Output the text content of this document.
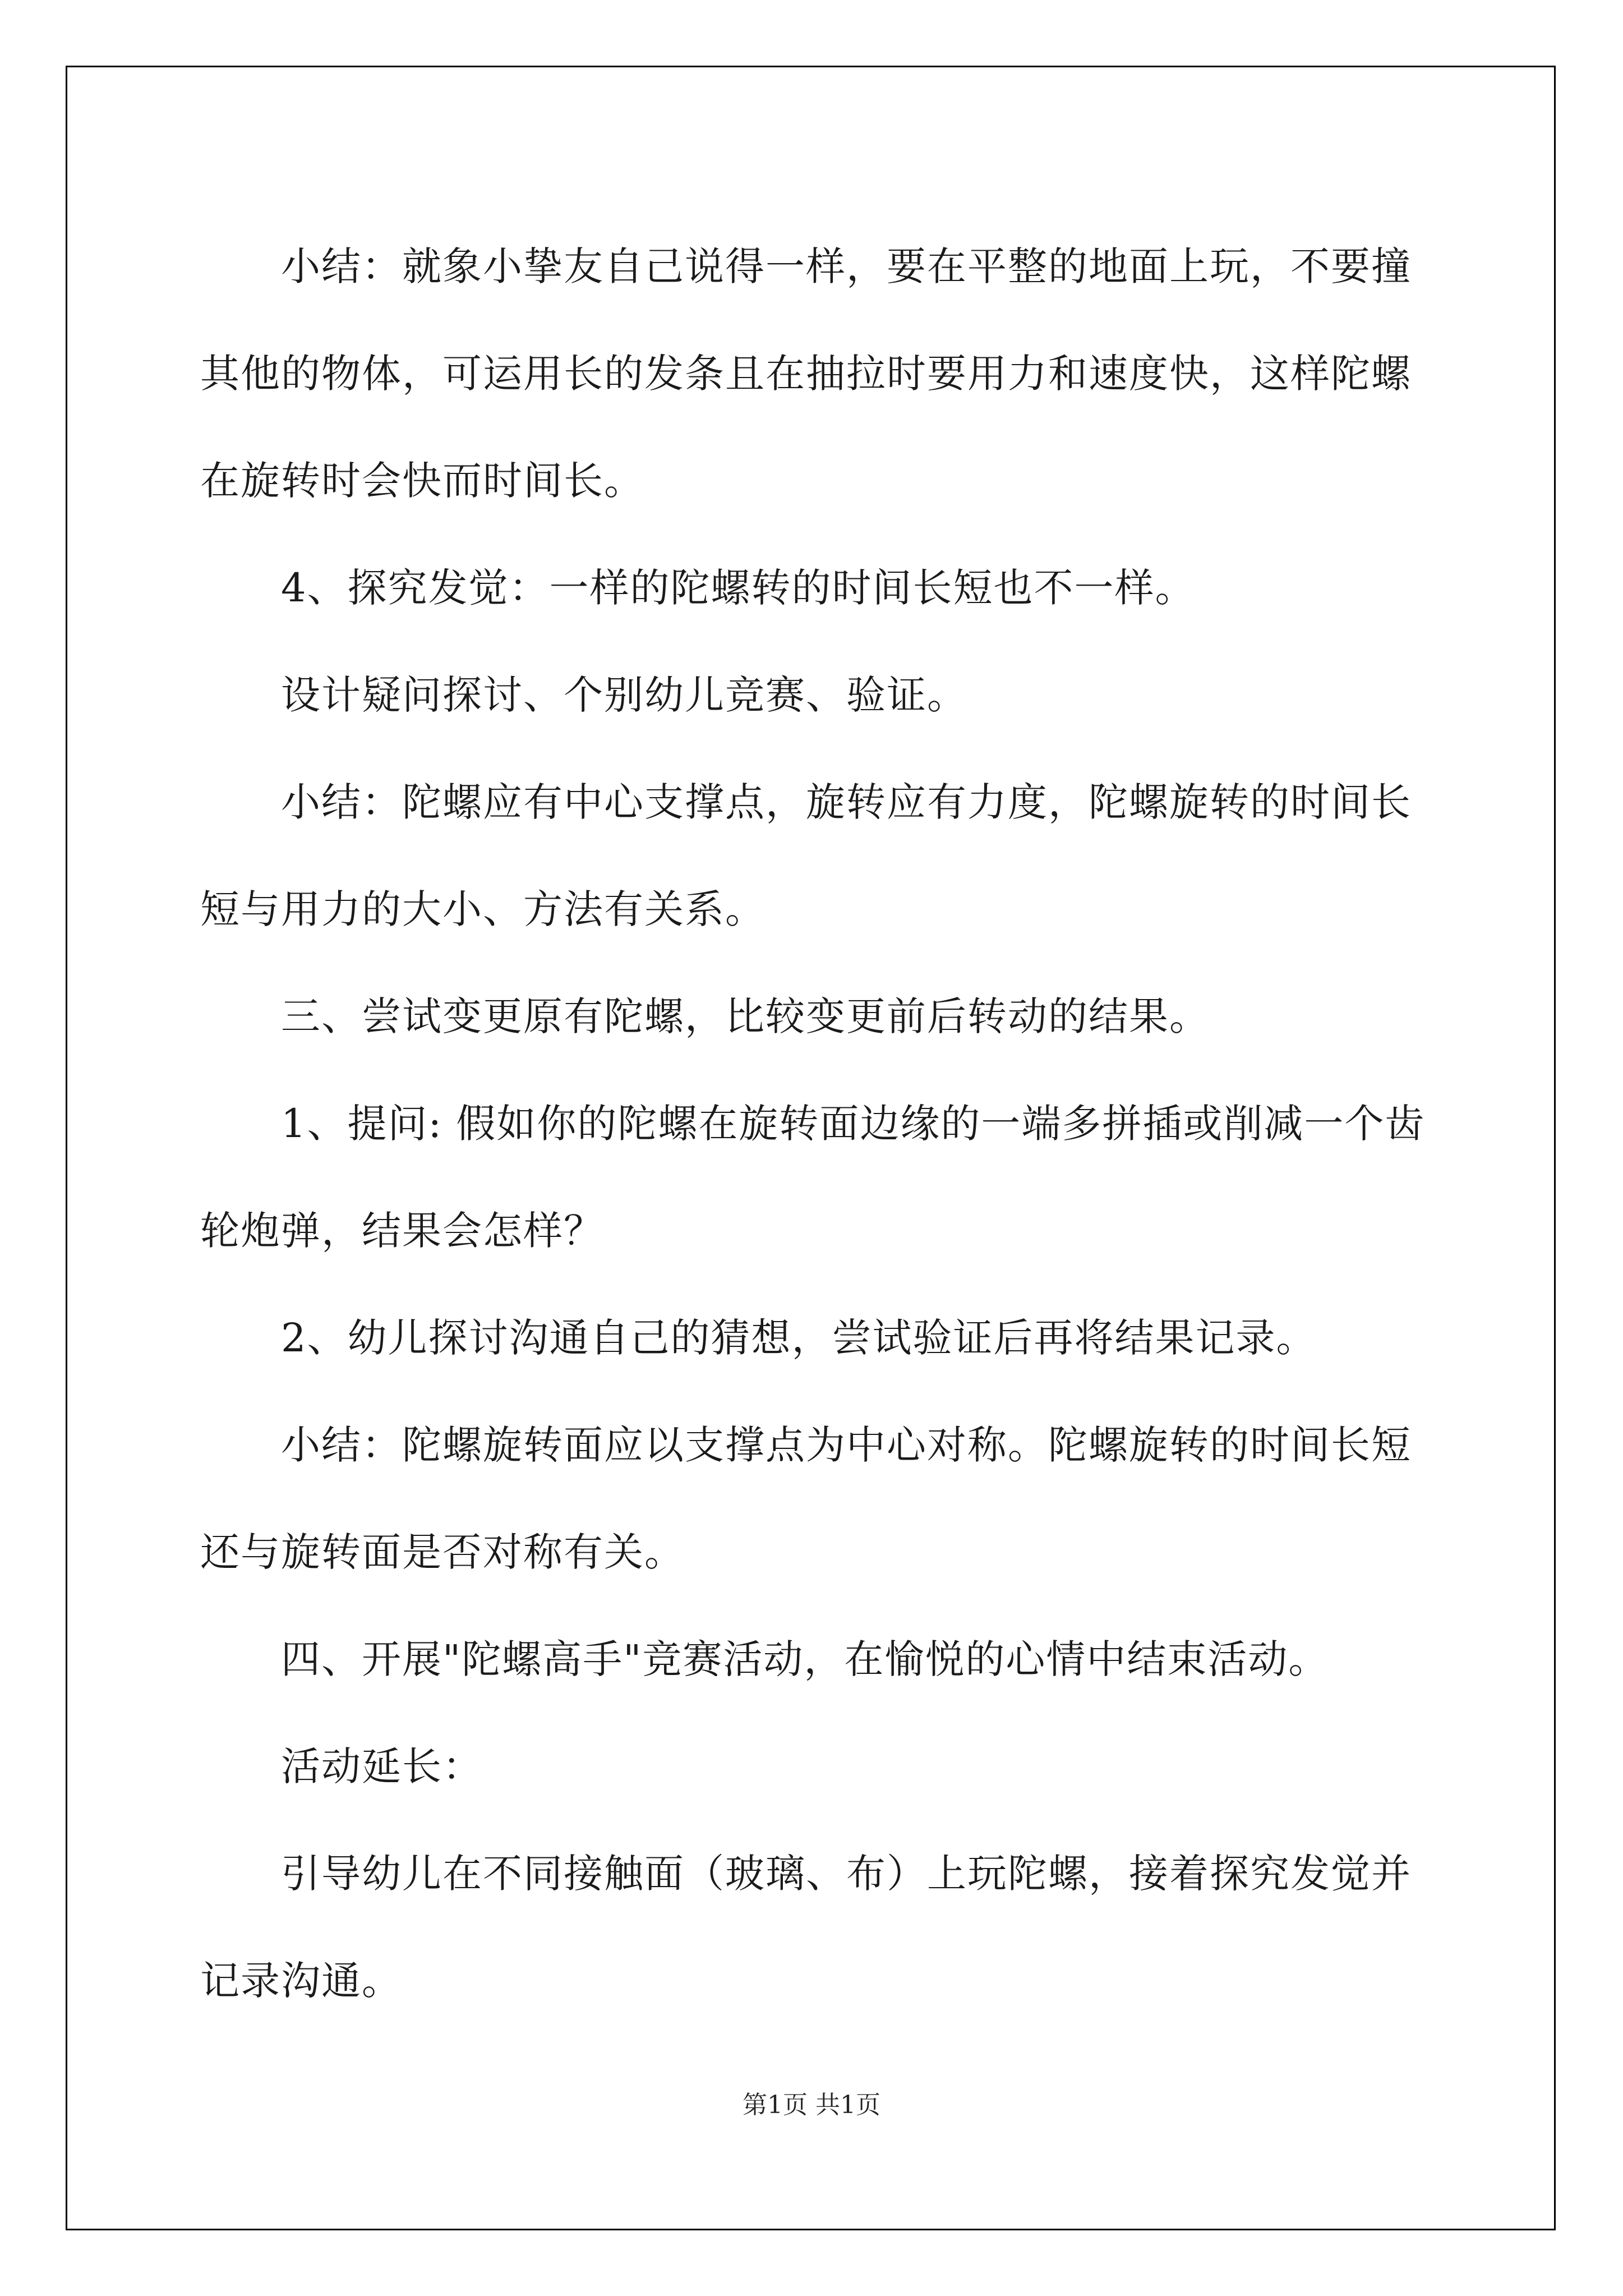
小结：就象小挚友自己说得一样，要在平整的地面上玩，不要撞

其他的物体，可运用长的发条且在抽拉时要用力和速度快，这样陀螺

在旋转时会快而时间长。

4、探究发觉：一样的陀螺转的时间长短也不一样。

设计疑问探讨、个别幼儿竞赛、验证。

小结：陀螺应有中心支撑点，旋转应有力度，陀螺旋转的时间长

短与用力的大小、方法有关系。

三、尝试变更原有陀螺，比较变更前后转动的结果。

1、提问: 假如你的陀螺在旋转面边缘的一端多拼插或削减一个齿

轮炮弹，结果会怎样？

2、幼儿探讨沟通自己的猜想，尝试验证后再将结果记录。

小结：陀螺旋转面应以支撑点为中心对称。陀螺旋转的时间长短

还与旋转面是否对称有关。

四、开展"陀螺高手"竞赛活动，在愉悦的心情中结束活动。

活动延长：

引导幼儿在不同接触面（玻璃、布）上玩陀螺，接着探究发觉并

记录沟通。

第1页 共1页
